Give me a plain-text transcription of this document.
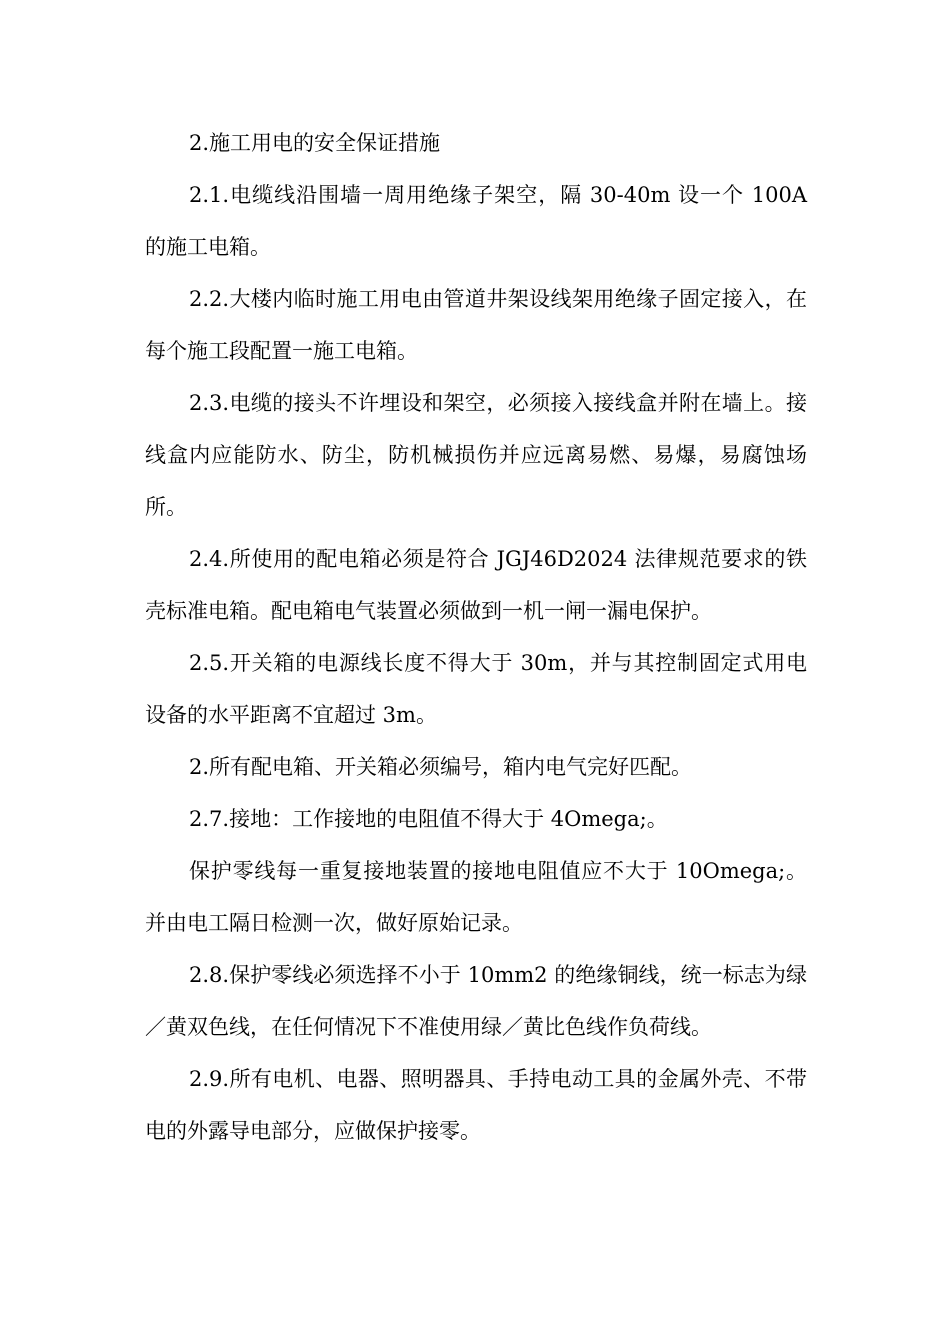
2.施工用电的安全保证措施

2.1.电缆线沿围墙一周用绝缘子架空，隔 30-40m 设一个 100A 的施工电箱。

2.2.大楼内临时施工用电由管道井架设线架用绝缘子固定接入，在每个施工段配置一施工电箱。

2.3.电缆的接头不许埋设和架空，必须接入接线盒并附在墙上。接线盒内应能防水、防尘，防机械损伤并应远离易燃、易爆，易腐蚀场所。

2.4.所使用的配电箱必须是符合 JGJ46D2024 法律规范要求的铁壳标准电箱。配电箱电气装置必须做到一机一闸一漏电保护。

2.5.开关箱的电源线长度不得大于 30m，并与其控制固定式用电设备的水平距离不宜超过 3m。

2.所有配电箱、开关箱必须编号，箱内电气完好匹配。

2.7.接地：工作接地的电阻值不得大于 4Omega;。

保护零线每一重复接地装置的接地电阻值应不大于 10Omega;。并由电工隔日检测一次，做好原始记录。

2.8.保护零线必须选择不小于 10mm2 的绝缘铜线，统一标志为绿／黄双色线，在任何情况下不准使用绿／黄比色线作负荷线。

2.9.所有电机、电器、照明器具、手持电动工具的金属外壳、不带电的外露导电部分，应做保护接零。
